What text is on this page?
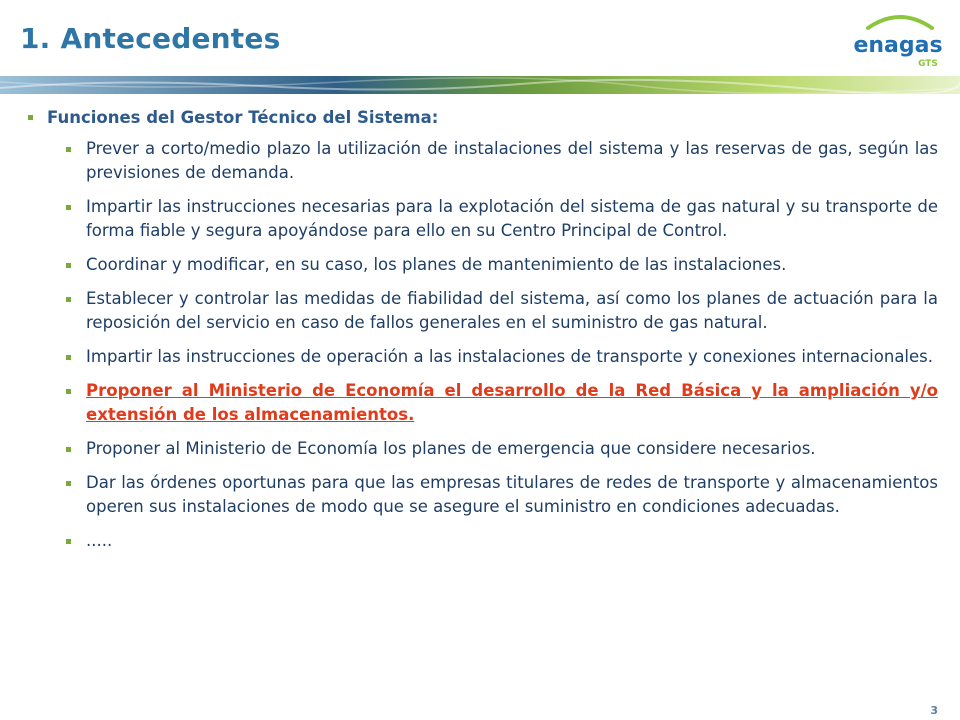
1. Antecedentes	enagas
GTS
Funciones del Gestor Técnico del Sistema:
Prever a corto/medio plazo la utilización de instalaciones del sistema y las reservas de gas, según las previsiones de demanda.
Impartir las instrucciones necesarias para la explotación del sistema de gas natural y su transporte de forma fiable y segura apoyándose para ello en su Centro Principal de Control.
Coordinar y modificar, en su caso, los planes de mantenimiento de las instalaciones.
Establecer y controlar las medidas de fiabilidad del sistema, así como los planes de actuación para la reposición del servicio en caso de fallos generales en el suministro de gas natural.
Impartir las instrucciones de operación a las instalaciones de transporte y conexiones internacionales.
Proponer al Ministerio de Economía el desarrollo de la Red Básica y la ampliación y/o extensión de los almacenamientos.
Proponer al Ministerio de Economía los planes de emergencia que considere necesarios.
Dar las órdenes oportunas para que las empresas titulares de redes de transporte y almacenamientos operen sus instalaciones de modo que se asegure el suministro en condiciones adecuadas.
.....
3
